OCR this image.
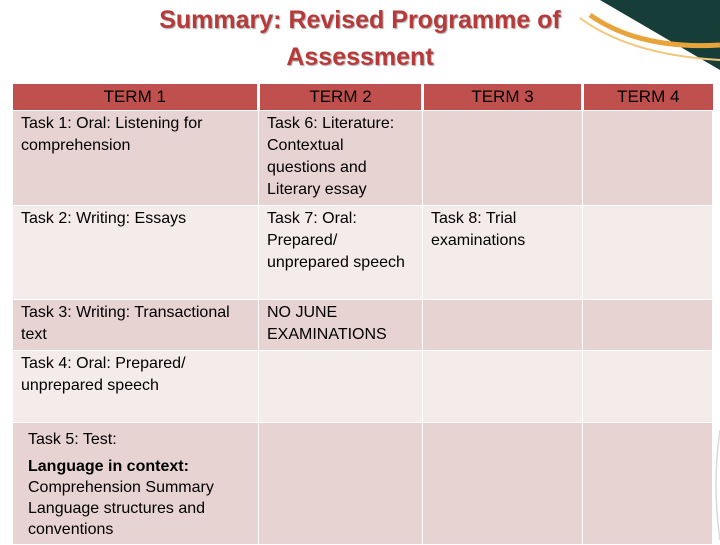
Summary: Revised Programme of
Assessment
TERM 1	TERM 2	TERM 3	TERM 4
Task 1: Oral: Listening for comprehension	Task 6: Literature: Contextual questions and Literary essay		
Task 2: Writing: Essays	Task 7: Oral: Prepared/ unprepared speech	Task 8: Trial examinations	
Task 3: Writing: Transactional text	NO JUNE EXAMINATIONS		
Task 4: Oral: Prepared/ unprepared speech			

Task 5: Test:
Language in context:
Comprehension Summary
Language structures and conventions			
